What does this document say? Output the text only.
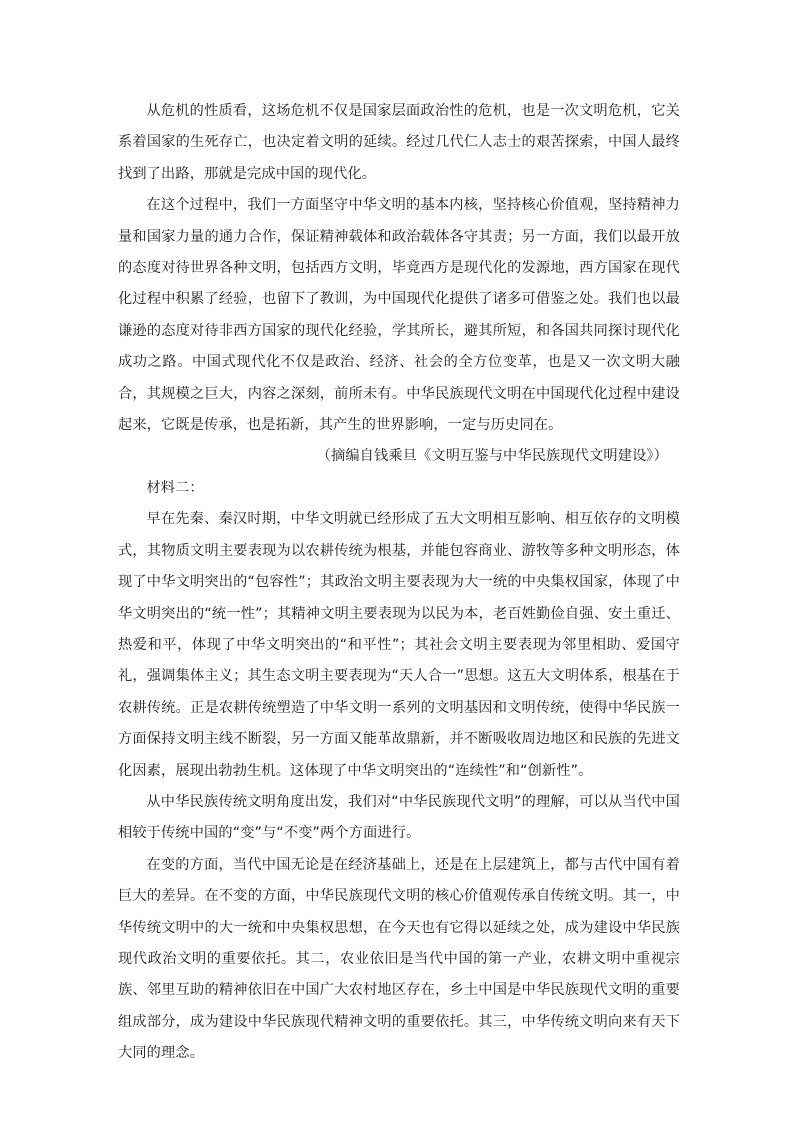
从危机的性质看，这场危机不仅是国家层面政治性的危机，也是一次文明危机，它关系着国家的生死存亡，也决定着文明的延续。经过几代仁人志士的艰苦探索，中国人最终找到了出路，那就是完成中国的现代化。

在这个过程中，我们一方面坚守中华文明的基本内核，坚持核心价值观，坚持精神力量和国家力量的通力合作，保证精神载体和政治载体各守其责；另一方面，我们以最开放的态度对待世界各种文明，包括西方文明，毕竟西方是现代化的发源地，西方国家在现代化过程中积累了经验，也留下了教训，为中国现代化提供了诸多可借鉴之处。我们也以最谦逊的态度对待非西方国家的现代化经验，学其所长，避其所短，和各国共同探讨现代化成功之路。中国式现代化不仅是政治、经济、社会的全方位变革，也是又一次文明大融合，其规模之巨大，内容之深刻，前所未有。中华民族现代文明在中国现代化过程中建设起来，它既是传承，也是拓新，其产生的世界影响，一定与历史同在。

（摘编自钱乘旦《文明互鉴与中华民族现代文明建设》）

材料二：

早在先秦、秦汉时期，中华文明就已经形成了五大文明相互影响、相互依存的文明模式，其物质文明主要表现为以农耕传统为根基，并能包容商业、游牧等多种文明形态，体现了中华文明突出的“包容性”；其政治文明主要表现为大一统的中央集权国家，体现了中华文明突出的“统一性”；其精神文明主要表现为以民为本，老百姓勤俭自强、安土重迁、热爱和平，体现了中华文明突出的“和平性”；其社会文明主要表现为邻里相助、爱国守礼，强调集体主义；其生态文明主要表现为“天人合一”思想。这五大文明体系，根基在于农耕传统。正是农耕传统塑造了中华文明一系列的文明基因和文明传统，使得中华民族一方面保持文明主线不断裂，另一方面又能革故鼎新，并不断吸收周边地区和民族的先进文化因素，展现出勃勃生机。这体现了中华文明突出的“连续性”和“创新性”。

从中华民族传统文明角度出发，我们对“中华民族现代文明”的理解，可以从当代中国相较于传统中国的“变”与“不变”两个方面进行。

在变的方面，当代中国无论是在经济基础上，还是在上层建筑上，都与古代中国有着巨大的差异。在不变的方面，中华民族现代文明的核心价值观传承自传统文明。其一，中华传统文明中的大一统和中央集权思想，在今天也有它得以延续之处，成为建设中华民族现代政治文明的重要依托。其二，农业依旧是当代中国的第一产业，农耕文明中重视宗族、邻里互助的精神依旧在中国广大农村地区存在，乡土中国是中华民族现代文明的重要组成部分，成为建设中华民族现代精神文明的重要依托。其三，中华传统文明向来有天下大同的理念。
